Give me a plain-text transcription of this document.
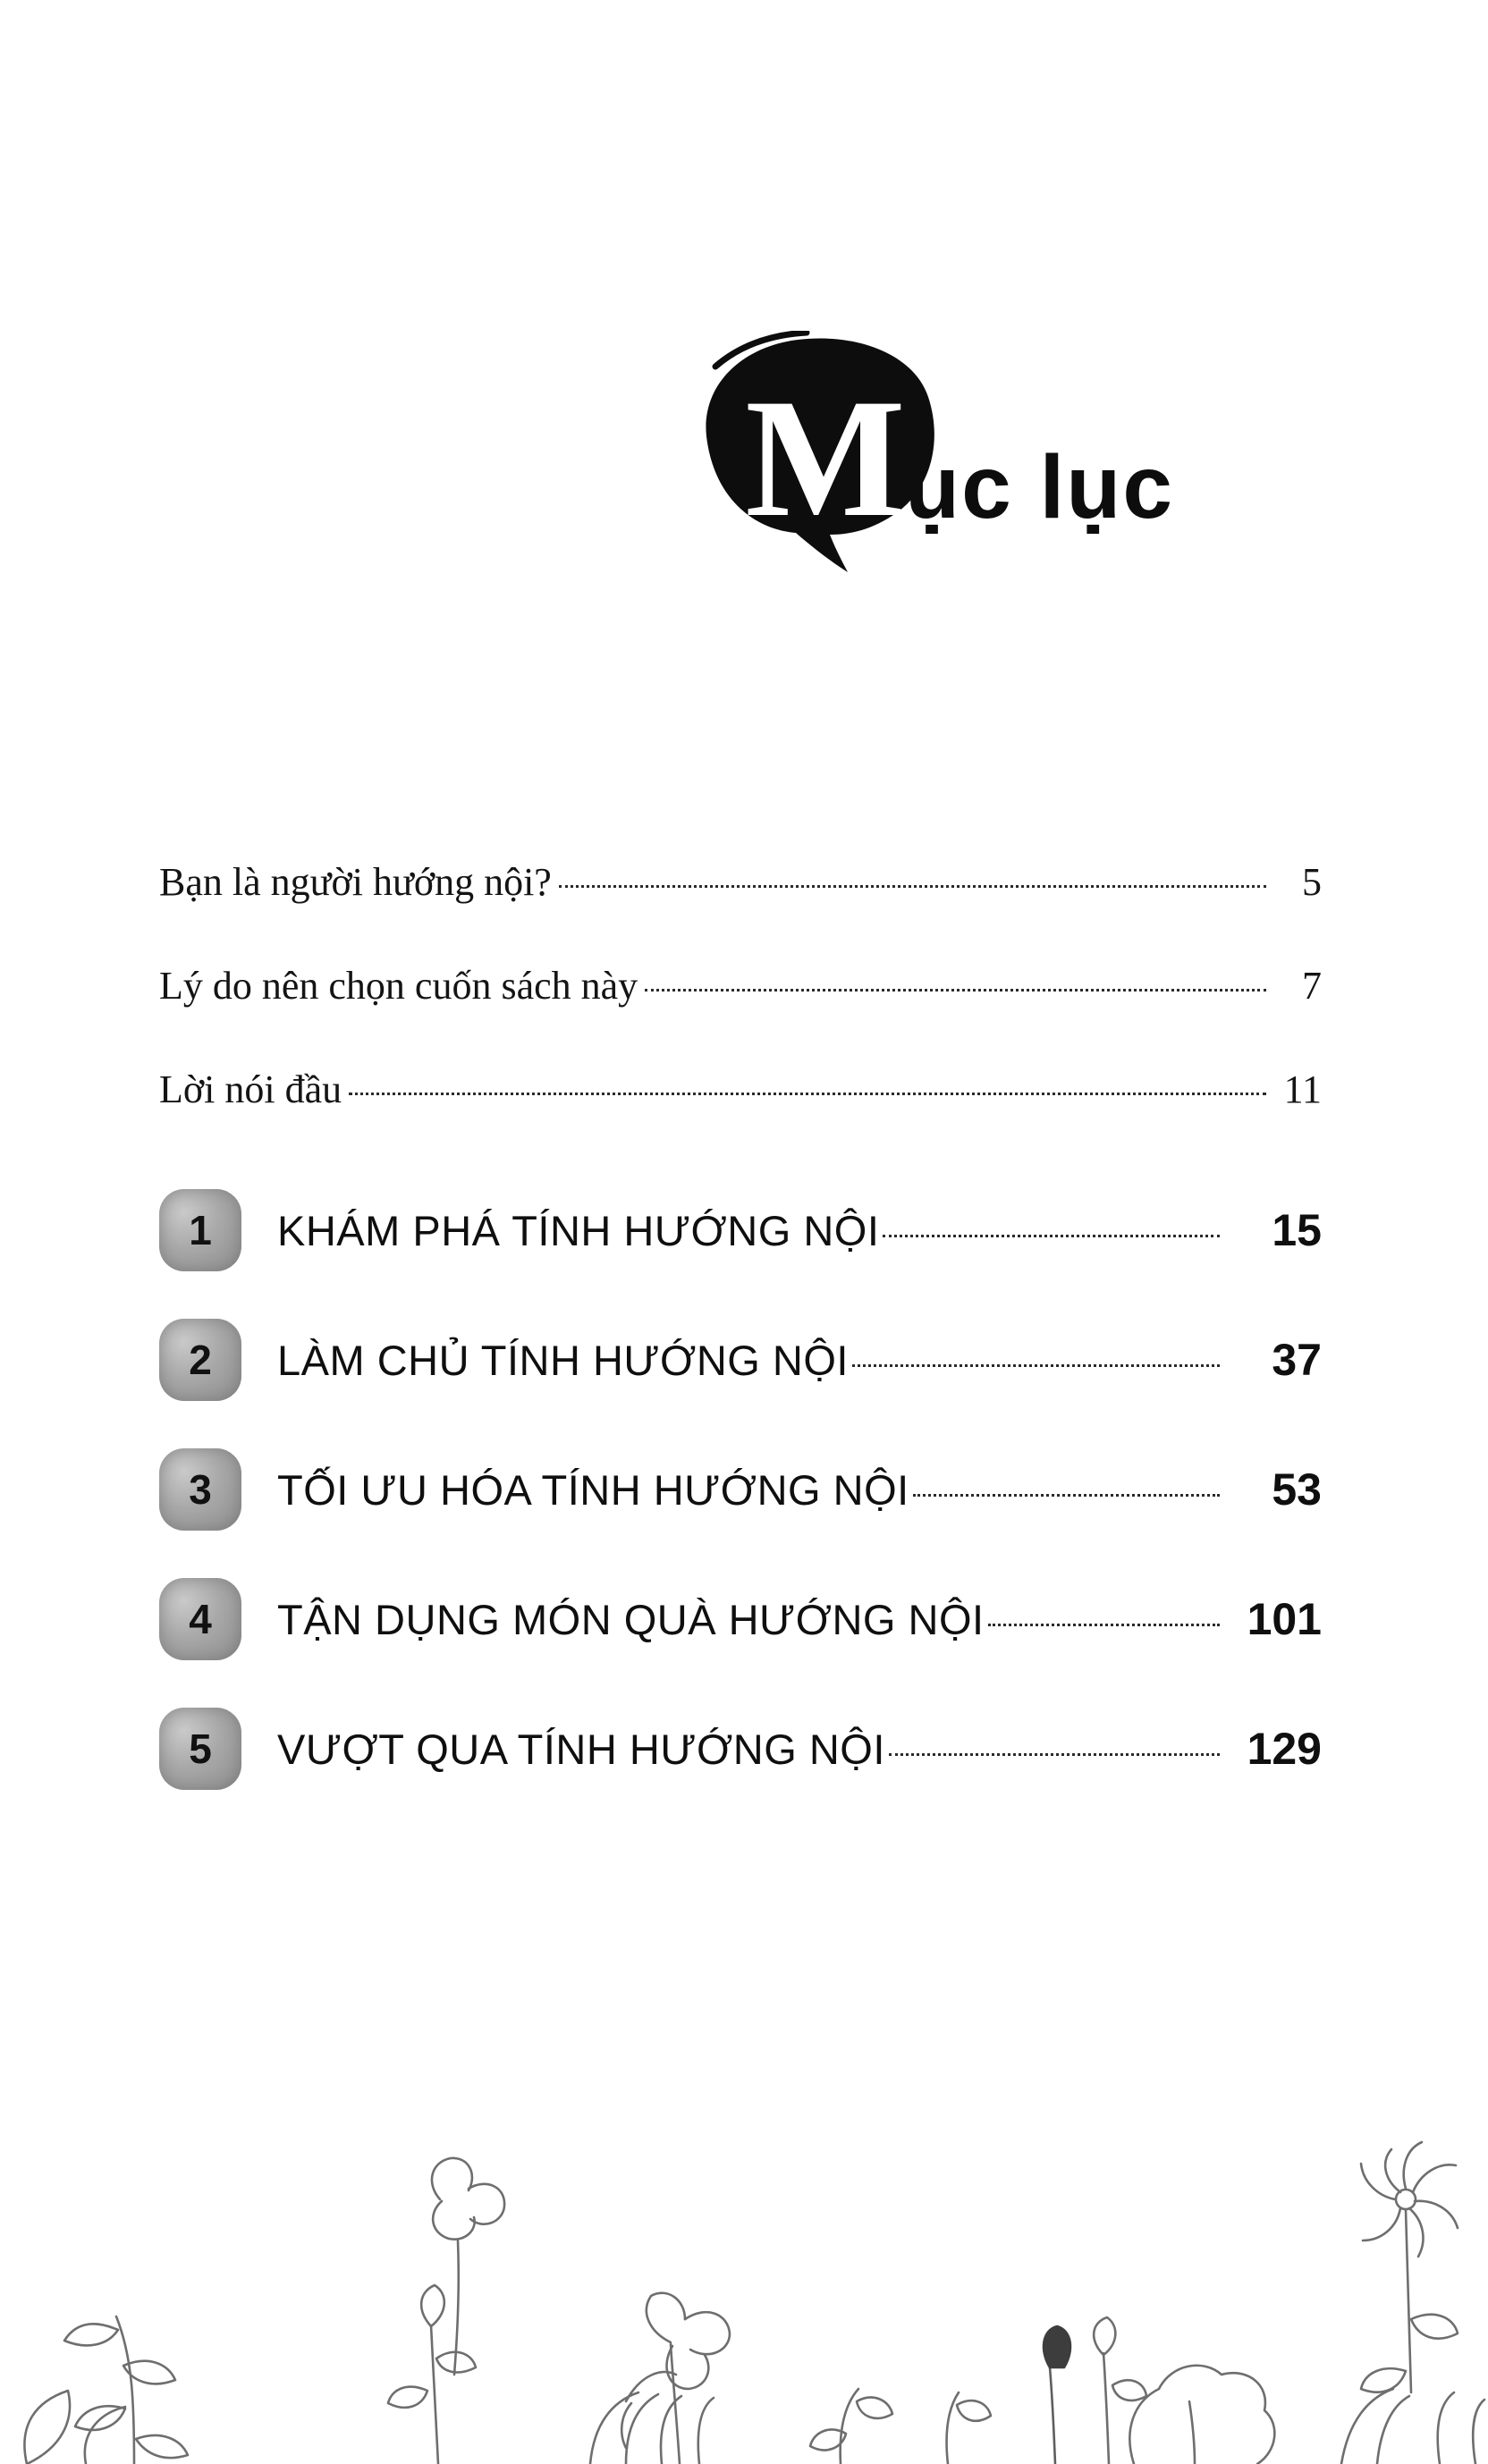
M ục lục
Bạn là người hướng nội?	5
Lý do nên chọn cuốn sách này	7
Lời nói đầu	11
1	KHÁM PHÁ TÍNH HƯỚNG NỘI	15
2	LÀM CHỦ TÍNH HƯỚNG NỘI	37
3	TỐI ƯU HÓA TÍNH HƯỚNG NỘI	53
4	TẬN DỤNG MÓN QUÀ HƯỚNG NỘI	101
5	VƯỢT QUA TÍNH HƯỚNG NỘI	129
